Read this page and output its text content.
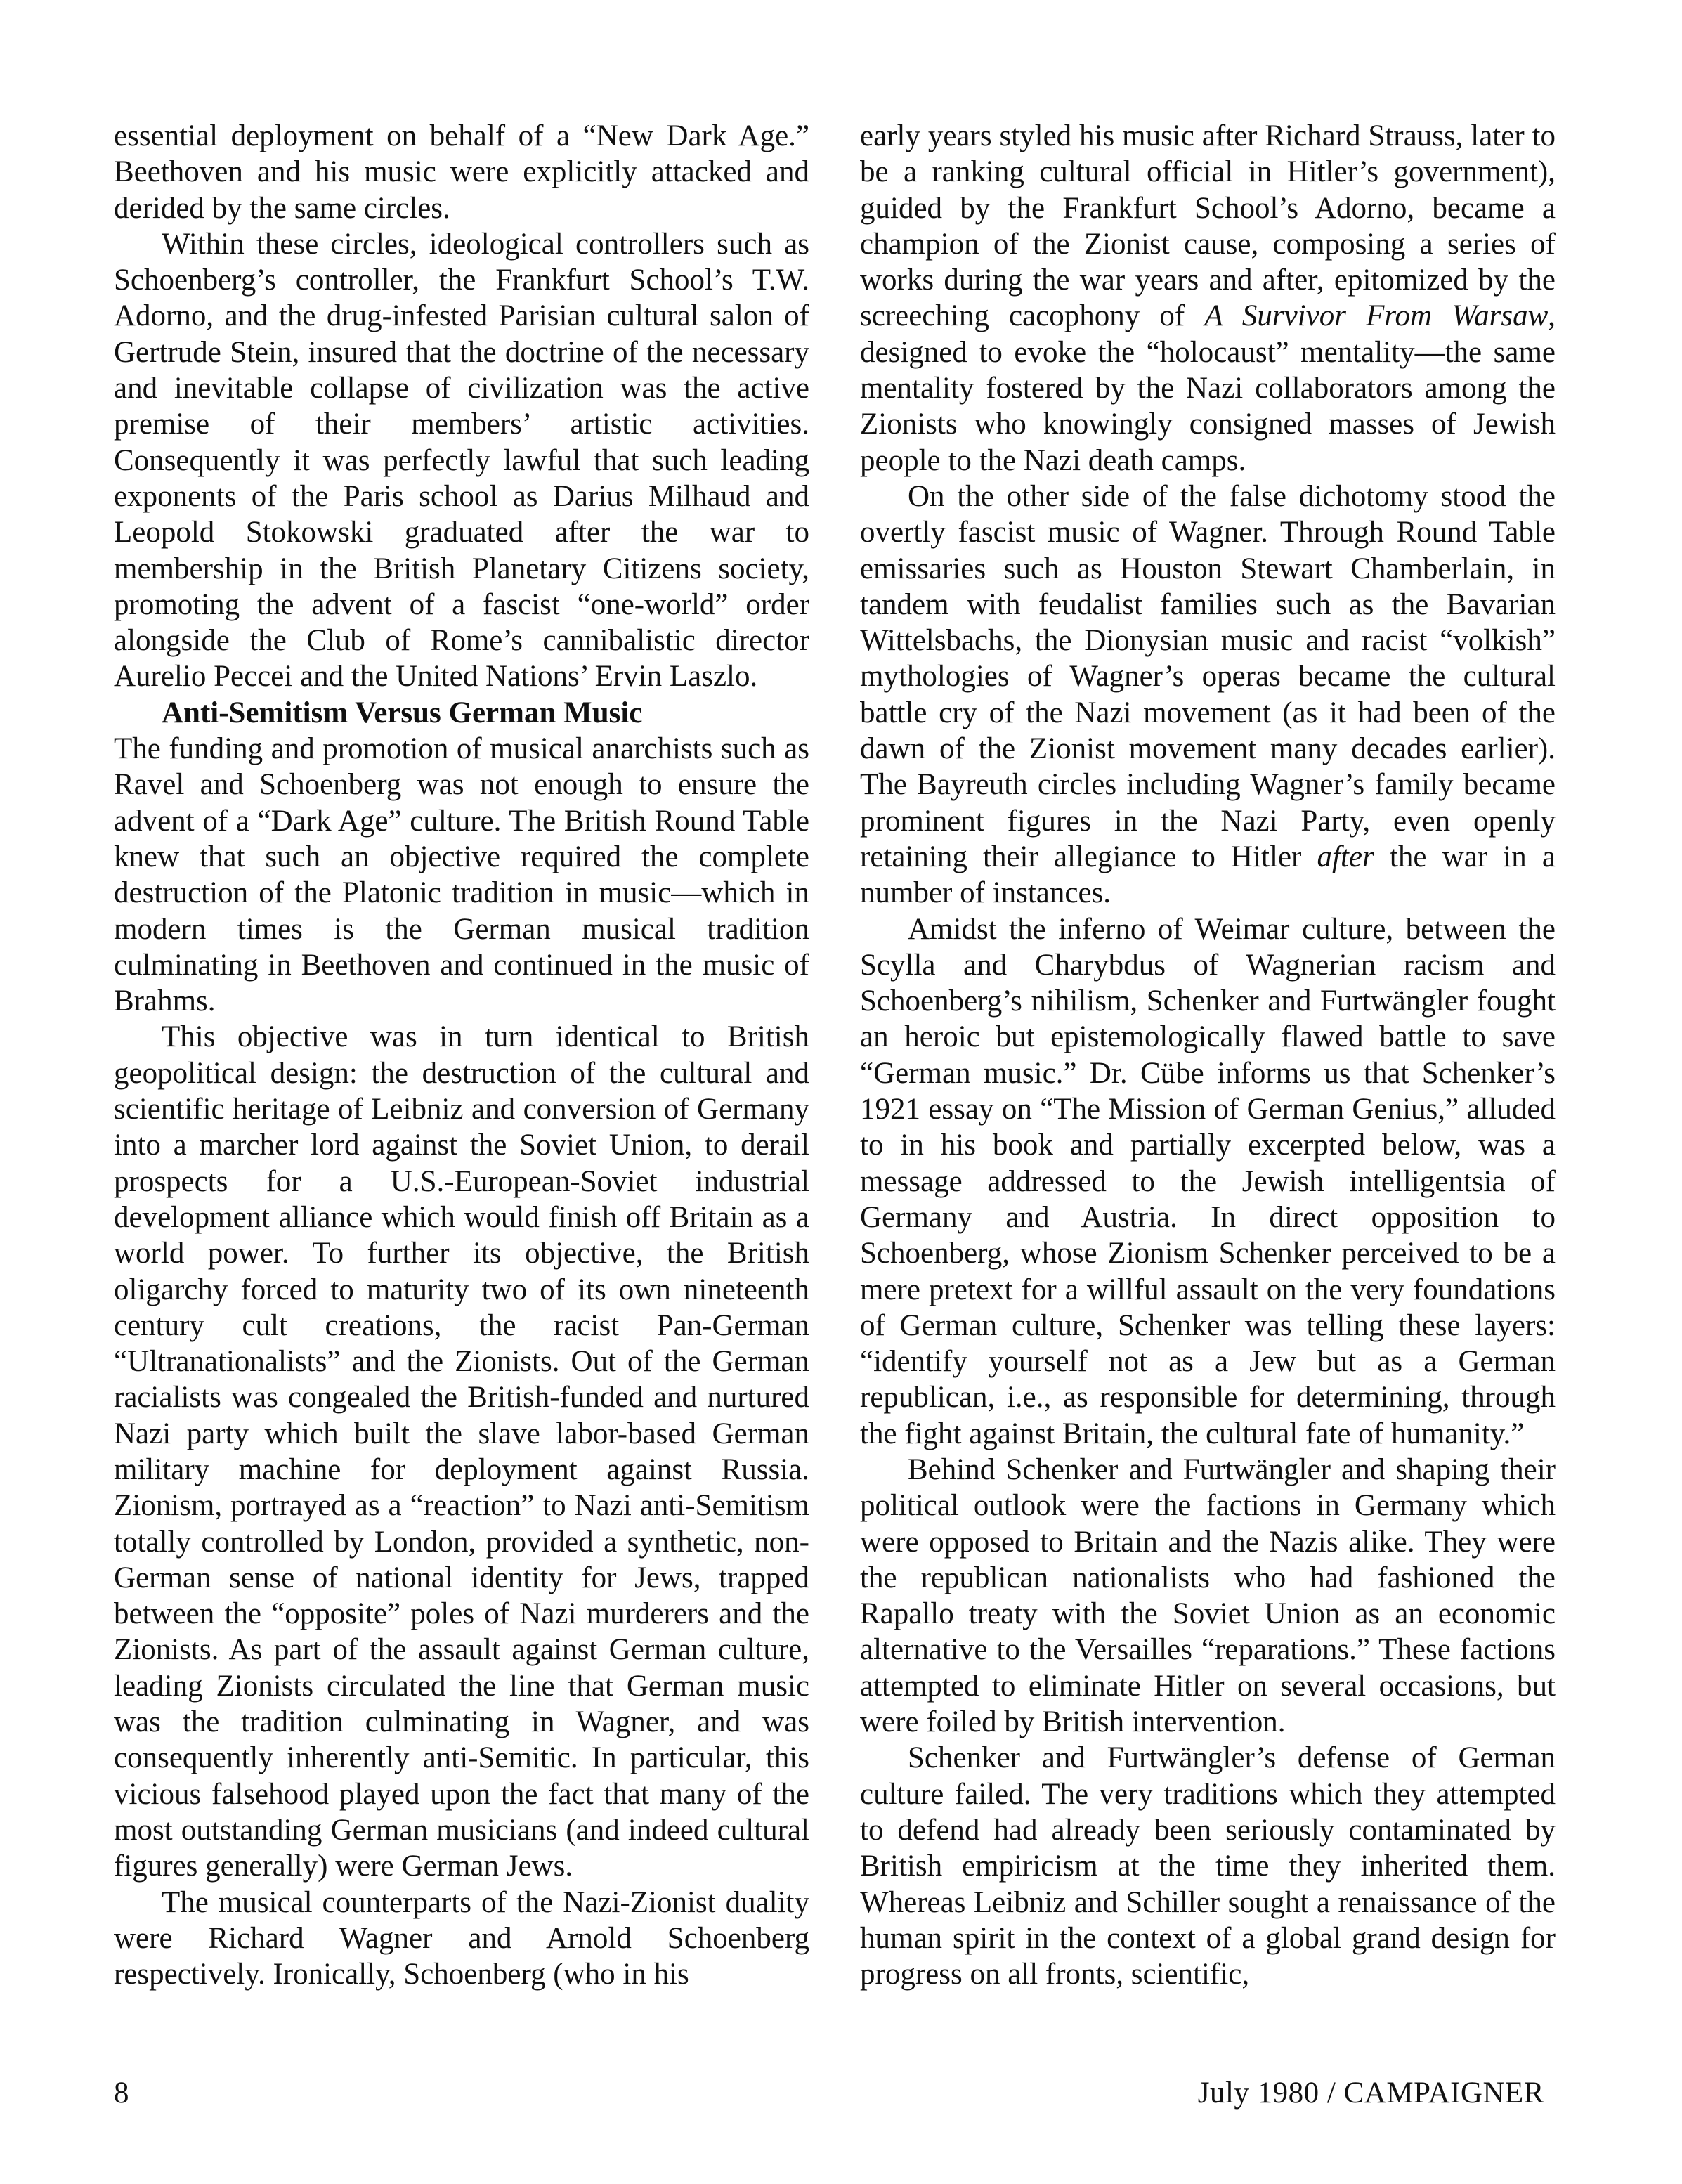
essential deployment on behalf of a “New Dark Age.” Beethoven and his music were explicitly attacked and derided by the same circles.

Within these circles, ideological controllers such as Schoenberg’s controller, the Frankfurt School’s T.W. Adorno, and the drug-infested Parisian cultural salon of Gertrude Stein, insured that the doctrine of the necessary and inevitable collapse of civilization was the active premise of their members’ artistic activities. Consequently it was perfectly lawful that such leading exponents of the Paris school as Darius Milhaud and Leopold Stokowski graduated after the war to membership in the British Planetary Citizens society, promoting the advent of a fascist “one-world” order alongside the Club of Rome’s cannibalistic director Aurelio Peccei and the United Nations’ Ervin Laszlo.

Anti-Semitism Versus German Music

The funding and promotion of musical anarchists such as Ravel and Schoenberg was not enough to ensure the advent of a “Dark Age” culture. The British Round Table knew that such an objective required the complete destruction of the Platonic tradition in music—which in modern times is the German musical tradition culminating in Beethoven and continued in the music of Brahms.

This objective was in turn identical to British geopolitical design: the destruction of the cultural and scientific heritage of Leibniz and conversion of Germany into a marcher lord against the Soviet Union, to derail prospects for a U.S.-European-Soviet industrial development alliance which would finish off Britain as a world power. To further its objective, the British oligarchy forced to maturity two of its own nineteenth century cult creations, the racist Pan-German “Ultranationalists” and the Zionists. Out of the German racialists was congealed the British-funded and nurtured Nazi party which built the slave labor-based German military machine for deployment against Russia. Zionism, portrayed as a “reaction” to Nazi anti-Semitism totally controlled by London, provided a synthetic, non-German sense of national identity for Jews, trapped between the “opposite” poles of Nazi murderers and the Zionists. As part of the assault against German culture, leading Zionists circulated the line that German music was the tradition culminating in Wagner, and was consequently inherently anti-Semitic. In particular, this vicious falsehood played upon the fact that many of the most outstanding German musicians (and indeed cultural figures generally) were German Jews.

The musical counterparts of the Nazi-Zionist duality were Richard Wagner and Arnold Schoenberg respectively. Ironically, Schoenberg (who in his

early years styled his music after Richard Strauss, later to be a ranking cultural official in Hitler’s government), guided by the Frankfurt School’s Adorno, became a champion of the Zionist cause, composing a series of works during the war years and after, epitomized by the screeching cacophony of A Survivor From Warsaw, designed to evoke the “holocaust” mentality—the same mentality fostered by the Nazi collaborators among the Zionists who knowingly consigned masses of Jewish people to the Nazi death camps.

On the other side of the false dichotomy stood the overtly fascist music of Wagner. Through Round Table emissaries such as Houston Stewart Chamberlain, in tandem with feudalist families such as the Bavarian Wittelsbachs, the Dionysian music and racist “volkish” mythologies of Wagner’s operas became the cultural battle cry of the Nazi movement (as it had been of the dawn of the Zionist movement many decades earlier). The Bayreuth circles including Wagner’s family became prominent figures in the Nazi Party, even openly retaining their allegiance to Hitler after the war in a number of instances.

Amidst the inferno of Weimar culture, between the Scylla and Charybdus of Wagnerian racism and Schoenberg’s nihilism, Schenker and Furtwängler fought an heroic but epistemologically flawed battle to save “German music.” Dr. Cübe informs us that Schenker’s 1921 essay on “The Mission of German Genius,” alluded to in his book and partially excerpted below, was a message addressed to the Jewish intelligentsia of Germany and Austria. In direct opposition to Schoenberg, whose Zionism Schenker perceived to be a mere pretext for a willful assault on the very foundations of German culture, Schenker was telling these layers: “identify yourself not as a Jew but as a German republican, i.e., as responsible for determining, through the fight against Britain, the cultural fate of humanity.”

Behind Schenker and Furtwängler and shaping their political outlook were the factions in Germany which were opposed to Britain and the Nazis alike. They were the republican nationalists who had fashioned the Rapallo treaty with the Soviet Union as an economic alternative to the Versailles “reparations.” These factions attempted to eliminate Hitler on several occasions, but were foiled by British intervention.

Schenker and Furtwängler’s defense of German culture failed. The very traditions which they attempted to defend had already been seriously contaminated by British empiricism at the time they inherited them. Whereas Leibniz and Schiller sought a renaissance of the human spirit in the context of a global grand design for progress on all fronts, scientific,

8	July 1980 / CAMPAIGNER
